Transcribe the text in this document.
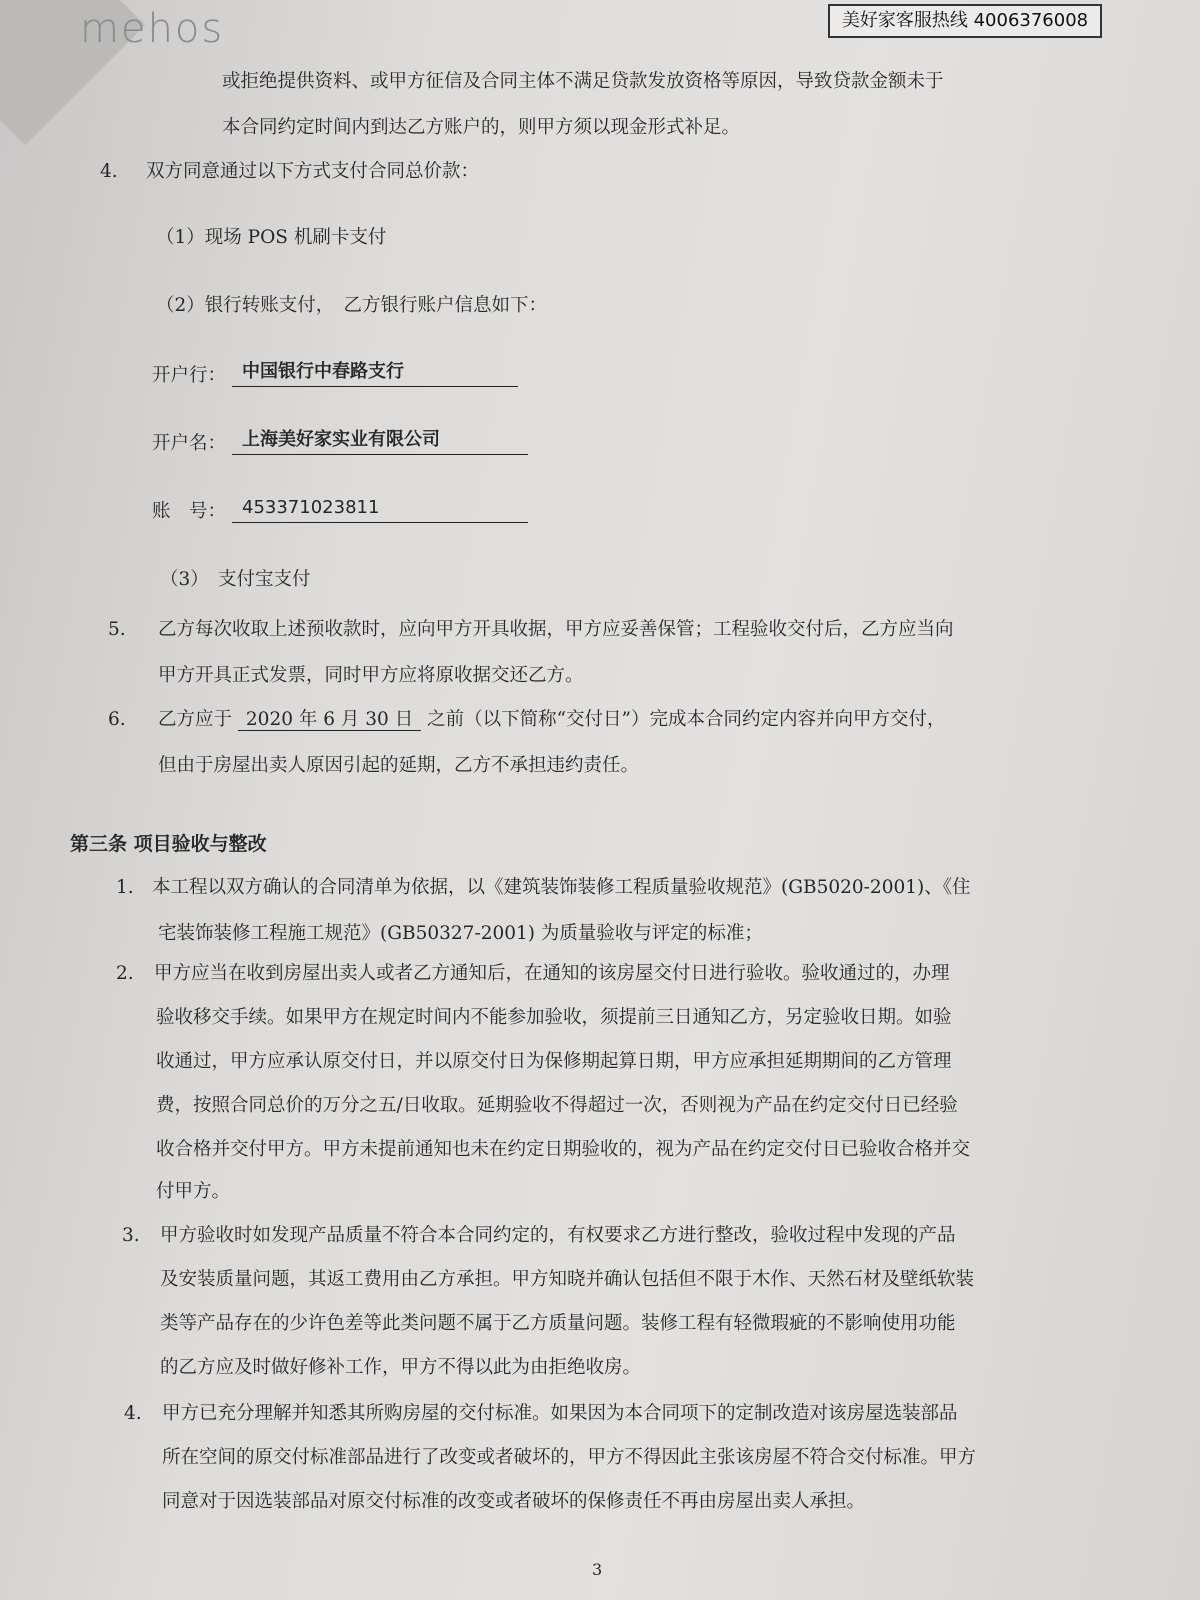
mehos	美好家客服热线 4006376008
或拒绝提供资料、或甲方征信及合同主体不满足贷款发放资格等原因，导致贷款金额未于
本合同约定时间内到达乙方账户的，则甲方须以现金形式补足。
4. 双方同意通过以下方式支付合同总价款：
（1）现场 POS 机刷卡支付
（2）银行转账支付，　乙方银行账户信息如下：
开户行： 中国银行中春路支行
开户名： 上海美好家实业有限公司
账　号： 453371023811
（3）　支付宝支付
5. 乙方每次收取上述预收款时，应向甲方开具收据，甲方应妥善保管；工程验收交付后，乙方应当向
甲方开具正式发票，同时甲方应将原收据交还乙方。
6. 乙方应于 2020 年 6 月 30 日 之前（以下简称“交付日”）完成本合同约定内容并向甲方交付，
但由于房屋出卖人原因引起的延期，乙方不承担违约责任。
第三条 项目验收与整改
1. 本工程以双方确认的合同清单为依据，以《建筑装饰装修工程质量验收规范》(GB5020-2001)、《住
宅装饰装修工程施工规范》(GB50327-2001) 为质量验收与评定的标准；
2. 甲方应当在收到房屋出卖人或者乙方通知后，在通知的该房屋交付日进行验收。验收通过的，办理
验收移交手续。如果甲方在规定时间内不能参加验收，须提前三日通知乙方，另定验收日期。如验
收通过，甲方应承认原交付日，并以原交付日为保修期起算日期，甲方应承担延期期间的乙方管理
费，按照合同总价的万分之五/日收取。延期验收不得超过一次，否则视为产品在约定交付日已经验
收合格并交付甲方。甲方未提前通知也未在约定日期验收的，视为产品在约定交付日已验收合格并交
付甲方。
3. 甲方验收时如发现产品质量不符合本合同约定的，有权要求乙方进行整改，验收过程中发现的产品
及安装质量问题，其返工费用由乙方承担。甲方知晓并确认包括但不限于木作、天然石材及壁纸软装
类等产品存在的少许色差等此类问题不属于乙方质量问题。装修工程有轻微瑕疵的不影响使用功能
的乙方应及时做好修补工作，甲方不得以此为由拒绝收房。
4. 甲方已充分理解并知悉其所购房屋的交付标准。如果因为本合同项下的定制改造对该房屋选装部品
所在空间的原交付标准部品进行了改变或者破坏的，甲方不得因此主张该房屋不符合交付标准。甲方
同意对于因选装部品对原交付标准的改变或者破坏的保修责任不再由房屋出卖人承担。
3
